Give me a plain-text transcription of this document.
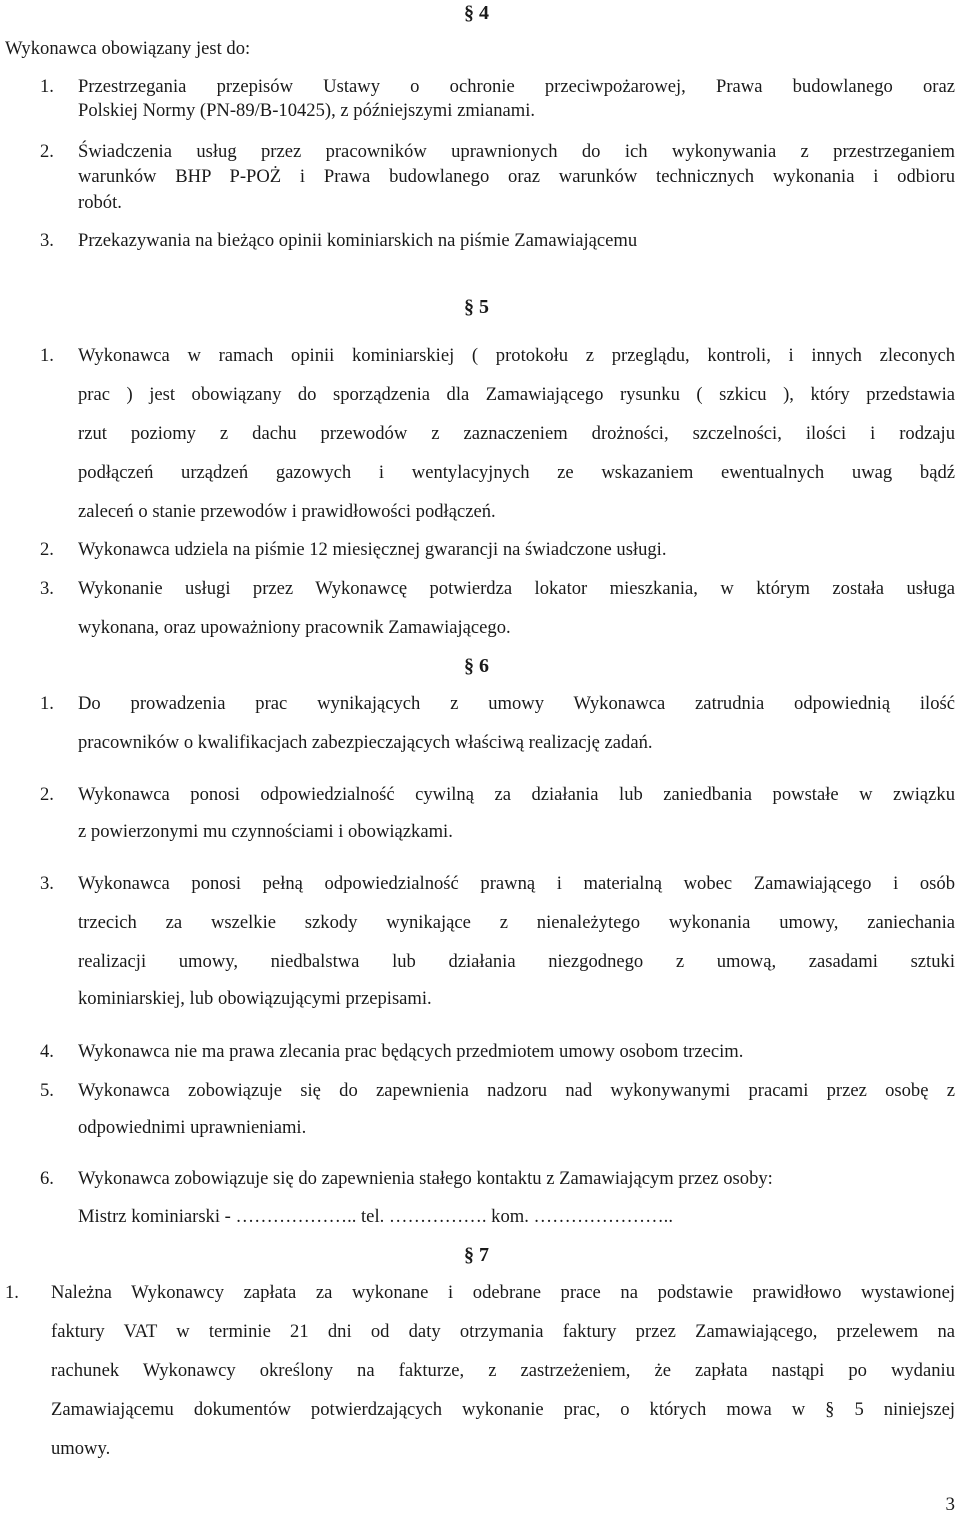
§ 4
Wykonawca obowiązany jest do:
1. Przestrzegania przepisów Ustawy o ochronie przeciwpożarowej, Prawa budowlanego oraz
Polskiej Normy (PN-89/B-10425), z późniejszymi zmianami.
2. Świadczenia usług przez pracowników uprawnionych do ich wykonywania z przestrzeganiem
warunków BHP P-POŻ i Prawa budowlanego oraz warunków technicznych wykonania i odbioru
robót.
3. Przekazywania na bieżąco opinii kominiarskich na piśmie Zamawiającemu
§ 5
1. Wykonawca w ramach opinii kominiarskiej ( protokołu z przeglądu, kontroli, i innych zleconych
prac ) jest obowiązany do sporządzenia dla Zamawiającego rysunku ( szkicu ), który przedstawia
rzut poziomy z dachu przewodów z zaznaczeniem drożności, szczelności, ilości i rodzaju
podłączeń urządzeń gazowych i wentylacyjnych ze wskazaniem ewentualnych uwag bądź
zaleceń o stanie przewodów i prawidłowości podłączeń.
2. Wykonawca udziela na piśmie 12 miesięcznej gwarancji na świadczone usługi.
3. Wykonanie usługi przez Wykonawcę potwierdza lokator mieszkania, w którym została usługa
wykonana, oraz upoważniony pracownik Zamawiającego.
§ 6
1. Do prowadzenia prac wynikających z umowy Wykonawca zatrudnia odpowiednią ilość
pracowników o kwalifikacjach zabezpieczających właściwą realizację zadań.
2. Wykonawca ponosi odpowiedzialność cywilną za działania lub zaniedbania powstałe w związku
z powierzonymi mu czynnościami i obowiązkami.
3. Wykonawca ponosi pełną odpowiedzialność prawną i materialną wobec Zamawiającego i osób
trzecich za wszelkie szkody wynikające z nienależytego wykonania umowy, zaniechania
realizacji umowy, niedbalstwa lub działania niezgodnego z umową, zasadami sztuki
kominiarskiej, lub obowiązującymi przepisami.
4. Wykonawca nie ma prawa zlecania prac będących przedmiotem umowy osobom trzecim.
5. Wykonawca zobowiązuje się do zapewnienia nadzoru nad wykonywanymi pracami przez osobę z
odpowiednimi uprawnieniami.
6. Wykonawca zobowiązuje się do zapewnienia stałego kontaktu z Zamawiającym przez osoby:
Mistrz kominiarski - ……………….. tel. ……………. kom. …………………..
§ 7
1. Należna Wykonawcy zapłata za wykonane i odebrane prace na podstawie prawidłowo wystawionej
faktury VAT w terminie 21 dni od daty otrzymania faktury przez Zamawiającego, przelewem na
rachunek Wykonawcy określony na fakturze, z zastrzeżeniem, że zapłata nastąpi po wydaniu
Zamawiającemu dokumentów potwierdzających wykonanie prac, o których mowa w § 5 niniejszej
umowy.
3
